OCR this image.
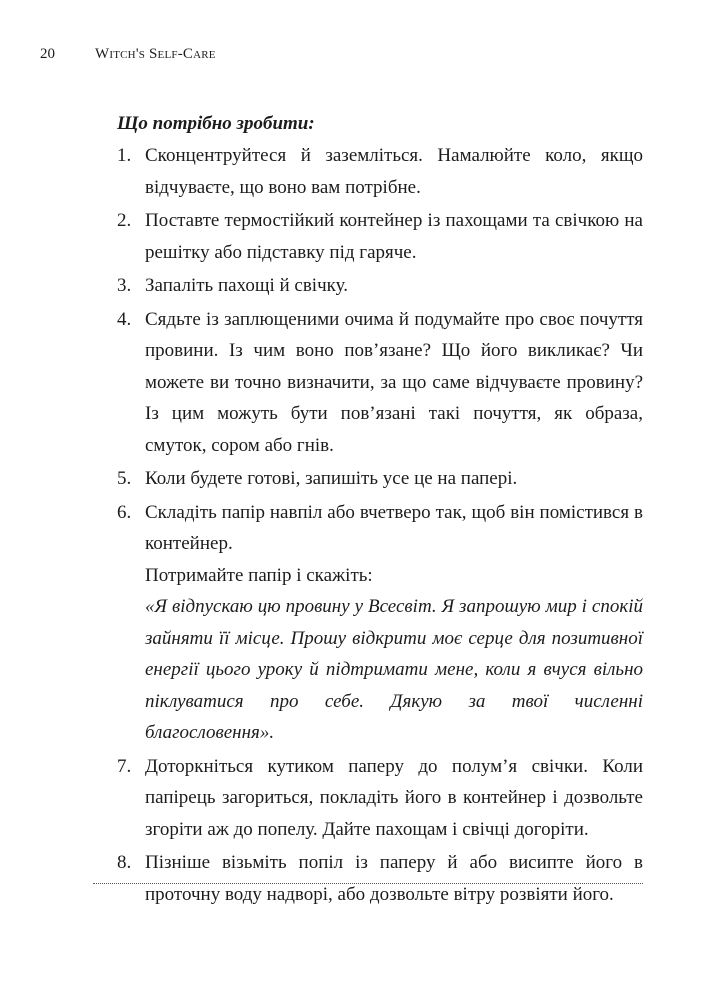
20	Witch's Self-Care

Що потрібно зробити:

1. Сконцентруйтеся й заземліться. Намалюйте коло, якщо відчуваєте, що воно вам потрібне.
2. Поставте термостійкий контейнер із пахощами та свічкою на решітку або підставку під гаряче.
3. Запаліть пахощі й свічку.
4. Сядьте із заплющеними очима й подумайте про своє почуття провини. Із чим воно пов’язане? Що його викликає? Чи можете ви точно визначити, за що саме відчуваєте провину? Із цим можуть бути пов’язані такі почуття, як образа, смуток, сором або гнів.
5. Коли будете готові, запишіть усе це на папері.
6. Складіть папір навпіл або вчетверо так, щоб він помістився в контейнер.
Потримайте папір і скажіть:
«Я відпускаю цю провину у Всесвіт. Я запрошую мир і спокій зайняти її місце. Прошу відкрити моє серце для позитивної енергії цього уроку й підтримати мене, коли я вчуся вільно піклуватися про себе. Дякую за твої численні благословення».
7. Доторкніться кутиком паперу до полум’я свічки. Коли папірець загориться, покладіть його в контейнер і дозвольте згоріти аж до попелу. Дайте пахощам і свічці догоріти.
8. Пізніше візьміть попіл із паперу й або висипте його в проточну воду надворі, або дозвольте вітру розвіяти його.
